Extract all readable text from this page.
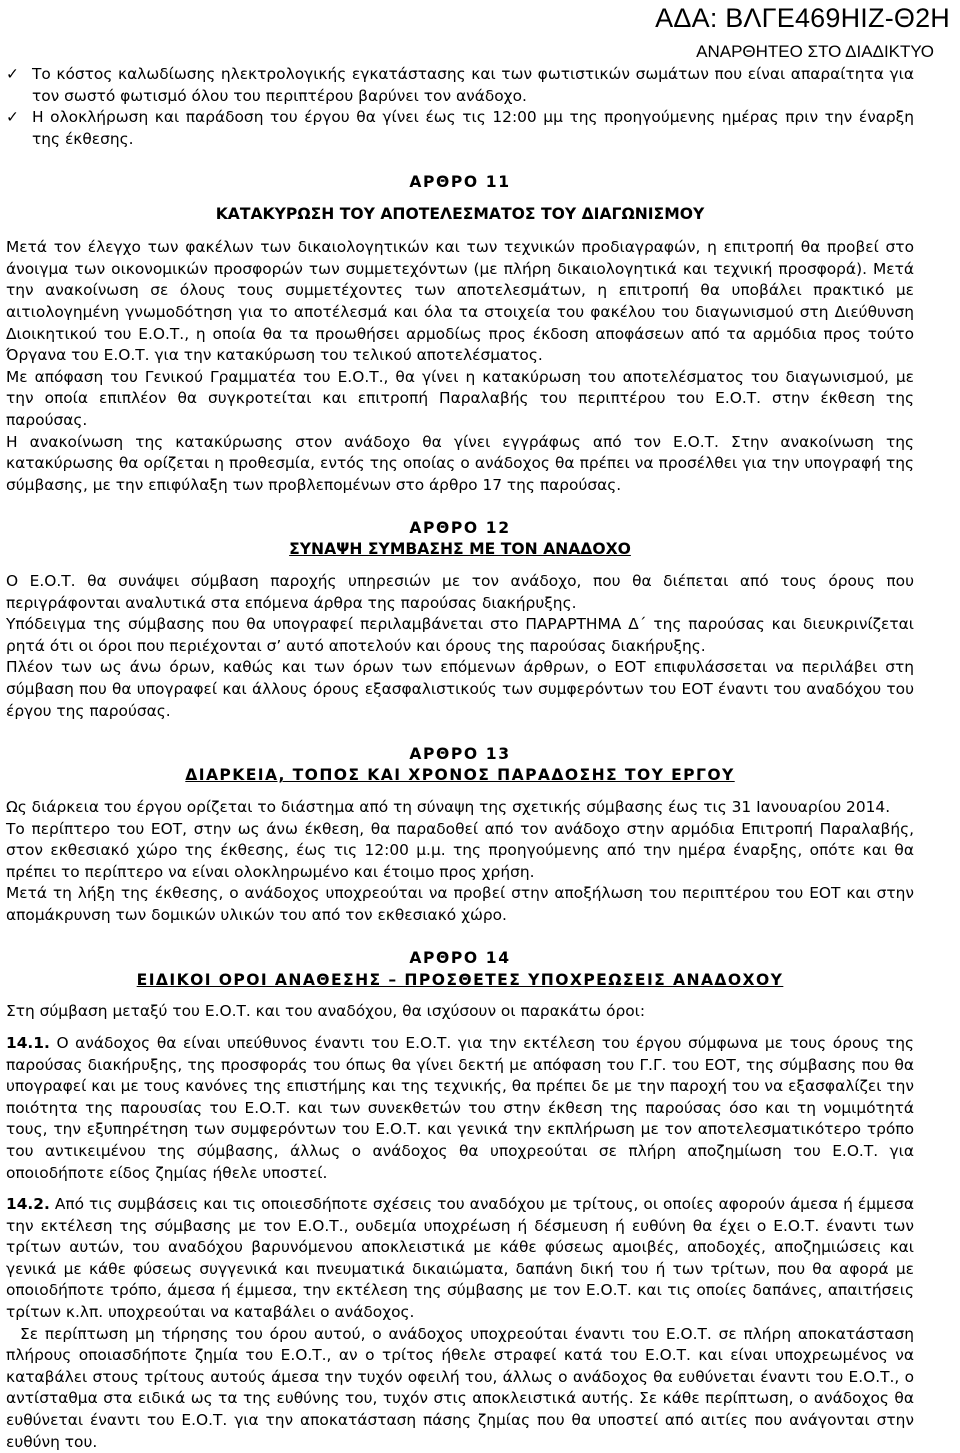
ΑΔΑ: ΒΛΓΕ469ΗΙΖ-Θ2Η
ΑΝΑΡΘΗΤΕΟ ΣΤΟ ΔΙΑΔΙΚΤΥΟ
✓ Το κόστος καλωδίωσης ηλεκτρολογικής εγκατάστασης και των φωτιστικών σωμάτων που είναι απαραίτητα για τον σωστό φωτισμό όλου του περιπτέρου βαρύνει τον ανάδοχο.
✓ Η ολοκλήρωση και παράδοση του έργου θα γίνει έως τις 12:00 μμ της προηγούμενης ημέρας πριν την έναρξη της έκθεσης.
ΑΡΘΡΟ 11
ΚΑΤΑΚΥΡΩΣΗ ΤΟΥ ΑΠΟΤΕΛΕΣΜΑΤΟΣ ΤΟΥ ΔΙΑΓΩΝΙΣΜΟΥ

Μετά τον έλεγχο των φακέλων των δικαιολογητικών και των τεχνικών προδιαγραφών, η επιτροπή θα προβεί στο άνοιγμα των οικονομικών προσφορών των συμμετεχόντων (με πλήρη δικαιολογητικά και τεχνική προσφορά). Μετά την ανακοίνωση σε όλους τους συμμετέχοντες των αποτελεσμάτων, η επιτροπή θα υποβάλει πρακτικό με αιτιολογημένη γνωμοδότηση για το αποτέλεσμά και όλα τα στοιχεία του φακέλου του διαγωνισμού στη Διεύθυνση Διοικητικού του Ε.Ο.Τ., η οποία θα τα προωθήσει αρμοδίως προς έκδοση αποφάσεων από τα αρμόδια προς τούτο Όργανα του Ε.Ο.Τ. για την κατακύρωση του τελικού αποτελέσματος.

Με απόφαση του Γενικού Γραμματέα του Ε.Ο.Τ., θα γίνει η κατακύρωση του αποτελέσματος του διαγωνισμού, με την οποία επιπλέον θα συγκροτείται και επιτροπή Παραλαβής του περιπτέρου του Ε.Ο.Τ. στην έκθεση της παρούσας.

Η ανακοίνωση της κατακύρωσης στον ανάδοχο θα γίνει εγγράφως από τον Ε.Ο.Τ. Στην ανακοίνωση της κατακύρωσης θα ορίζεται η προθεσμία, εντός της οποίας ο ανάδοχος θα πρέπει να προσέλθει για την υπογραφή της σύμβασης, με την επιφύλαξη των προβλεπομένων στο άρθρο 17 της παρούσας.

ΑΡΘΡΟ 12
ΣΥΝΑΨΗ ΣΥΜΒΑΣΗΣ ΜΕ ΤΟΝ ΑΝΑΔΟΧΟ

Ο Ε.Ο.Τ. θα συνάψει σύμβαση παροχής υπηρεσιών με τον ανάδοχο, που θα διέπεται από τους όρους που περιγράφονται αναλυτικά στα επόμενα άρθρα της παρούσας διακήρυξης.

Υπόδειγμα της σύμβασης που θα υπογραφεί περιλαμβάνεται στο ΠΑΡΑΡΤΗΜΑ Δ΄ της παρούσας και διευκρινίζεται ρητά ότι οι όροι που περιέχονται σ’ αυτό αποτελούν και όρους της παρούσας διακήρυξης.

Πλέον των ως άνω όρων, καθώς και των όρων των επόμενων άρθρων, ο ΕΟΤ επιφυλάσσεται να περιλάβει στη σύμβαση που θα υπογραφεί και άλλους όρους εξασφαλιστικούς των συμφερόντων του ΕΟΤ έναντι του αναδόχου του έργου της παρούσας.

ΑΡΘΡΟ 13
ΔΙΑΡΚΕΙΑ, ΤΟΠΟΣ ΚΑΙ ΧΡΟΝΟΣ ΠΑΡΑΔΟΣΗΣ ΤΟΥ ΕΡΓΟΥ

Ως διάρκεια του έργου ορίζεται το διάστημα από τη σύναψη της σχετικής σύμβασης έως τις 31 Ιανουαρίου 2014.

Το περίπτερο του ΕΟΤ, στην ως άνω έκθεση, θα παραδοθεί από τον ανάδοχο στην αρμόδια Επιτροπή Παραλαβής, στον εκθεσιακό χώρο της έκθεσης, έως τις 12:00 μ.μ. της προηγούμενης από την ημέρα έναρξης, οπότε και θα πρέπει το περίπτερο να είναι ολοκληρωμένο και έτοιμο προς χρήση.

Μετά τη λήξη της έκθεσης, ο ανάδοχος υποχρεούται να προβεί στην αποξήλωση του περιπτέρου του ΕΟΤ και στην απομάκρυνση των δομικών υλικών του από τον εκθεσιακό χώρο.

ΑΡΘΡΟ 14
ΕΙΔΙΚΟΙ ΟΡΟΙ ΑΝΑΘΕΣΗΣ – ΠΡΟΣΘΕΤΕΣ ΥΠΟΧΡΕΩΣΕΙΣ ΑΝΑΔΟΧΟΥ

Στη σύμβαση μεταξύ του Ε.Ο.Τ. και του αναδόχου, θα ισχύσουν οι παρακάτω όροι:

14.1. Ο ανάδοχος θα είναι υπεύθυνος έναντι του Ε.Ο.Τ. για την εκτέλεση του έργου σύμφωνα με τους όρους της παρούσας διακήρυξης, της προσφοράς του όπως θα γίνει δεκτή με απόφαση του Γ.Γ. του ΕΟΤ, της σύμβασης που θα υπογραφεί και με τους κανόνες της επιστήμης και της τεχνικής, θα πρέπει δε με την παροχή του να εξασφαλίζει την ποιότητα της παρουσίας του Ε.Ο.Τ. και των συνεκθετών του στην έκθεση της παρούσας όσο και τη νομιμότητά τους, την εξυπηρέτηση των συμφερόντων του Ε.Ο.Τ. και γενικά την εκπλήρωση με τον αποτελεσματικότερο τρόπο του αντικειμένου της σύμβασης, άλλως ο ανάδοχος θα υποχρεούται σε πλήρη αποζημίωση του Ε.Ο.Τ. για οποιοδήποτε είδος ζημίας ήθελε υποστεί.

14.2. Από τις συμβάσεις και τις οποιεσδήποτε σχέσεις του αναδόχου με τρίτους, οι οποίες αφορούν άμεσα ή έμμεσα την εκτέλεση της σύμβασης με τον Ε.Ο.Τ., ουδεμία υποχρέωση ή δέσμευση ή ευθύνη θα έχει ο Ε.Ο.Τ. έναντι των τρίτων αυτών, του αναδόχου βαρυνόμενου αποκλειστικά με κάθε φύσεως αμοιβές, αποδοχές, αποζημιώσεις και γενικά με κάθε φύσεως συγγενικά και πνευματικά δικαιώματα, δαπάνη δική του ή των τρίτων, που θα αφορά με οποιοδήποτε τρόπο, άμεσα ή έμμεσα, την εκτέλεση της σύμβασης με τον Ε.Ο.Τ. και τις οποίες δαπάνες, απαιτήσεις τρίτων κ.λπ. υποχρεούται να καταβάλει ο ανάδοχος.

Σε περίπτωση μη τήρησης του όρου αυτού, ο ανάδοχος υποχρεούται έναντι του Ε.Ο.Τ. σε πλήρη αποκατάσταση πλήρους οποιασδήποτε ζημία του Ε.Ο.Τ., αν ο τρίτος ήθελε στραφεί κατά του Ε.Ο.Τ. και είναι υποχρεωμένος να καταβάλει στους τρίτους αυτούς άμεσα την τυχόν οφειλή του, άλλως ο ανάδοχος θα ευθύνεται έναντι του Ε.Ο.Τ., ο αντίσταθμα στα ειδικά ως τα της ευθύνης του, τυχόν στις αποκλειστικά αυτής. Σε κάθε περίπτωση, ο ανάδοχος θα ευθύνεται έναντι του Ε.Ο.Τ. για την αποκατάσταση πάσης ζημίας που θα υποστεί από αιτίες που ανάγονται στην ευθύνη του.
